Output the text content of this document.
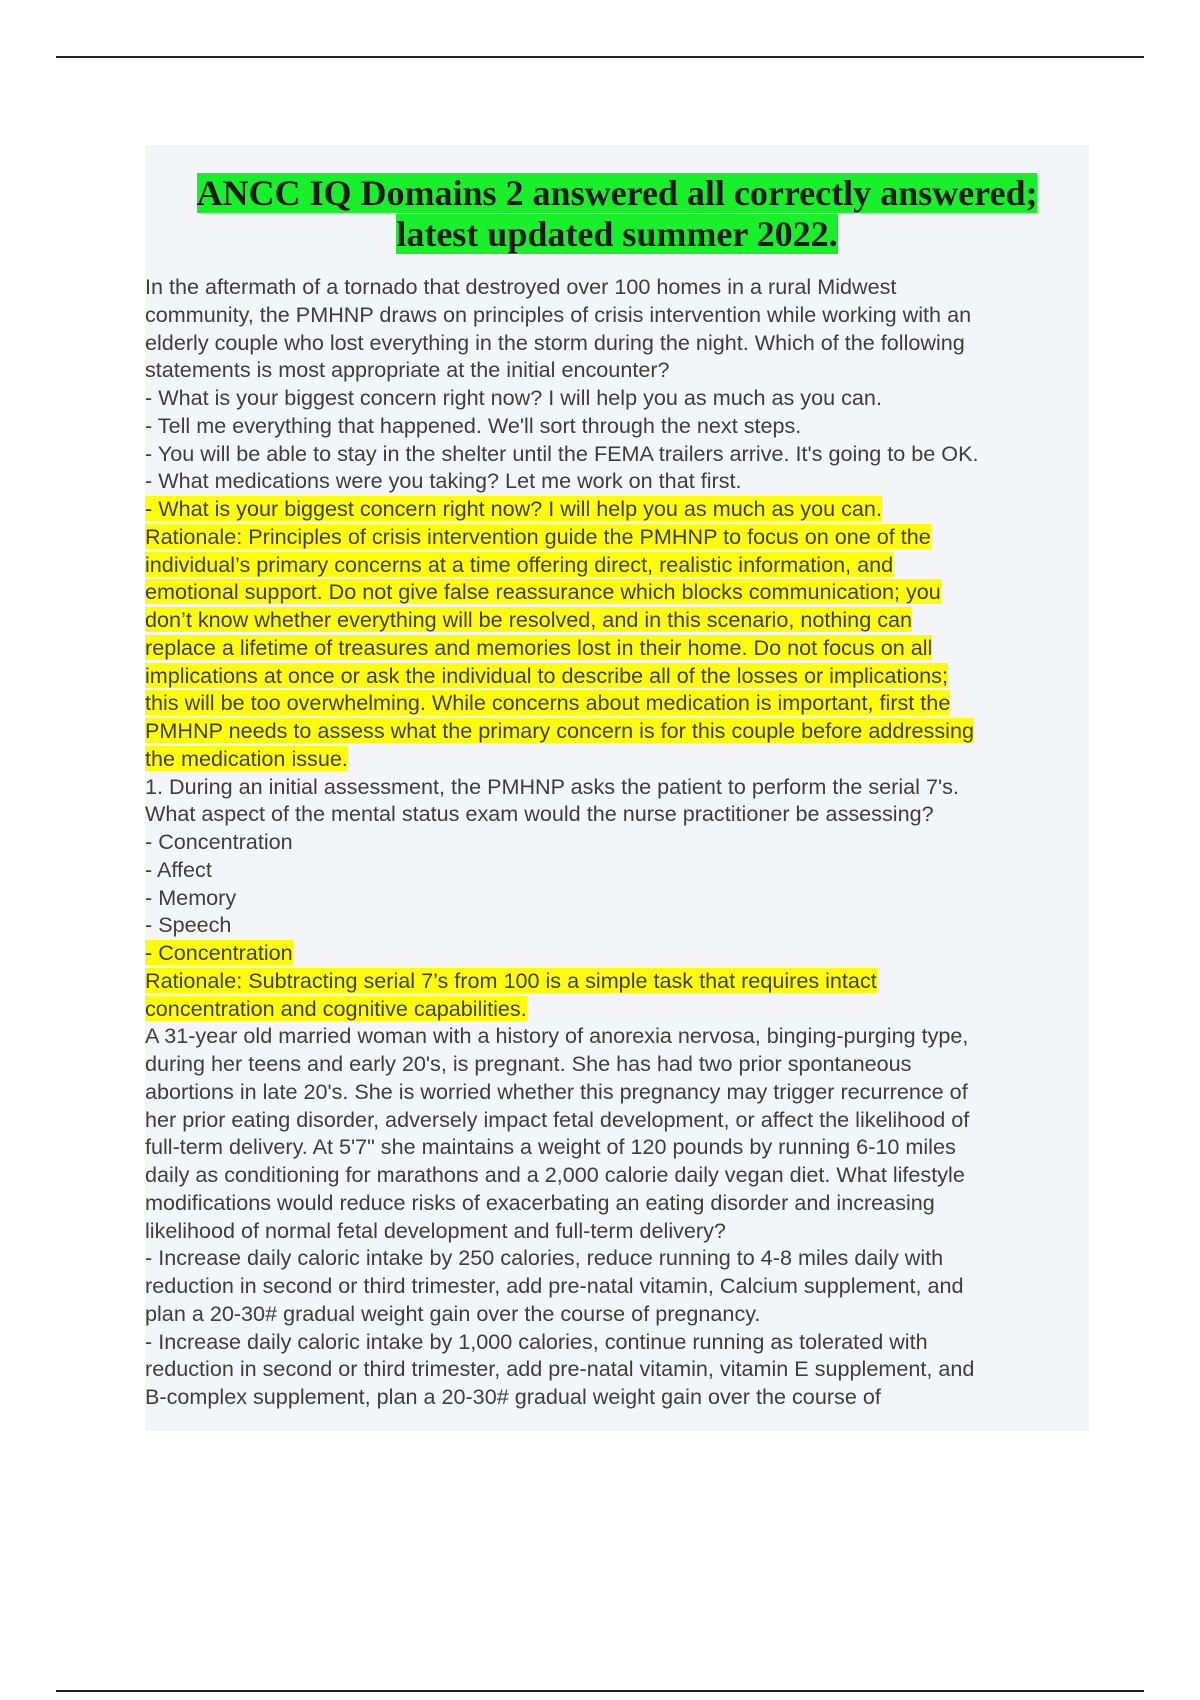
ANCC IQ Domains 2 answered all correctly answered;
latest updated summer 2022.
In the aftermath of a tornado that destroyed over 100 homes in a rural Midwest
community, the PMHNP draws on principles of crisis intervention while working with an
elderly couple who lost everything in the storm during the night. Which of the following
statements is most appropriate at the initial encounter?
- What is your biggest concern right now? I will help you as much as you can.
- Tell me everything that happened. We'll sort through the next steps.
- You will be able to stay in the shelter until the FEMA trailers arrive. It's going to be OK.
- What medications were you taking? Let me work on that first.
- What is your biggest concern right now? I will help you as much as you can.
Rationale: Principles of crisis intervention guide the PMHNP to focus on one of the
individual’s primary concerns at a time offering direct, realistic information, and
emotional support. Do not give false reassurance which blocks communication; you
don’t know whether everything will be resolved, and in this scenario, nothing can
replace a lifetime of treasures and memories lost in their home. Do not focus on all
implications at once or ask the individual to describe all of the losses or implications;
this will be too overwhelming. While concerns about medication is important, first the
PMHNP needs to assess what the primary concern is for this couple before addressing
the medication issue.
1. During an initial assessment, the PMHNP asks the patient to perform the serial 7's.
What aspect of the mental status exam would the nurse practitioner be assessing?
- Concentration
- Affect
- Memory
- Speech
- Concentration
Rationale: Subtracting serial 7’s from 100 is a simple task that requires intact
concentration and cognitive capabilities.
A 31-year old married woman with a history of anorexia nervosa, binging-purging type,
during her teens and early 20's, is pregnant. She has had two prior spontaneous
abortions in late 20's. She is worried whether this pregnancy may trigger recurrence of
her prior eating disorder, adversely impact fetal development, or affect the likelihood of
full-term delivery. At 5'7" she maintains a weight of 120 pounds by running 6-10 miles
daily as conditioning for marathons and a 2,000 calorie daily vegan diet. What lifestyle
modifications would reduce risks of exacerbating an eating disorder and increasing
likelihood of normal fetal development and full-term delivery?
- Increase daily caloric intake by 250 calories, reduce running to 4-8 miles daily with
reduction in second or third trimester, add pre-natal vitamin, Calcium supplement, and
plan a 20-30# gradual weight gain over the course of pregnancy.
- Increase daily caloric intake by 1,000 calories, continue running as tolerated with
reduction in second or third trimester, add pre-natal vitamin, vitamin E supplement, and
B-complex supplement, plan a 20-30# gradual weight gain over the course of
